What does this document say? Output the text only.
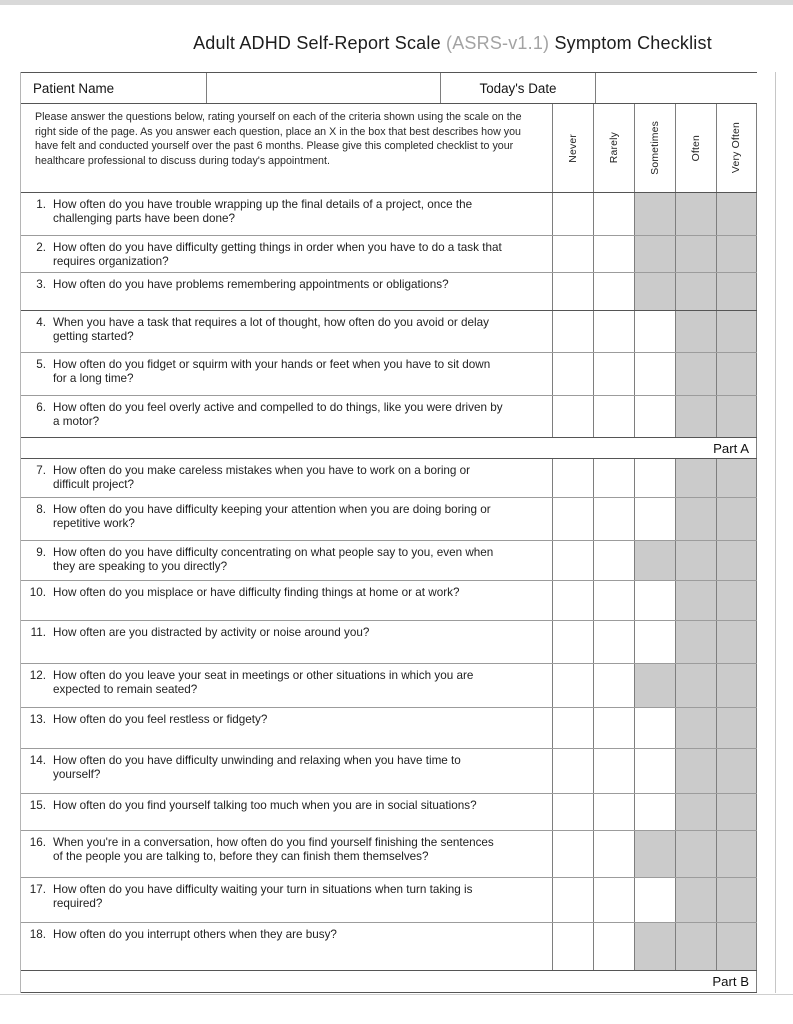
Adult ADHD Self-Report Scale (ASRS-v1.1) Symptom Checklist
Patient Name	Today's Date
Please answer the questions below, rating yourself on each of the criteria shown using the scale on the right side of the page. As you answer each question, place an X in the box that best describes how you have felt and conducted yourself over the past 6 months. Please give this completed checklist to your healthcare professional to discuss during today's appointment.	Never	Rarely	Sometimes	Often	Very Often
1. How often do you have trouble wrapping up the final details of a project, once the challenging parts have been done?
2. How often do you have difficulty getting things in order when you have to do a task that requires organization?
3. How often do you have problems remembering appointments or obligations?
4. When you have a task that requires a lot of thought, how often do you avoid or delay getting started?
5. How often do you fidget or squirm with your hands or feet when you have to sit down for a long time?
6. How often do you feel overly active and compelled to do things, like you were driven by a motor?
Part A
7. How often do you make careless mistakes when you have to work on a boring or difficult project?
8. How often do you have difficulty keeping your attention when you are doing boring or repetitive work?
9. How often do you have difficulty concentrating on what people say to you, even when they are speaking to you directly?
10. How often do you misplace or have difficulty finding things at home or at work?
11. How often are you distracted by activity or noise around you?
12. How often do you leave your seat in meetings or other situations in which you are expected to remain seated?
13. How often do you feel restless or fidgety?
14. How often do you have difficulty unwinding and relaxing when you have time to yourself?
15. How often do you find yourself talking too much when you are in social situations?
16. When you're in a conversation, how often do you find yourself finishing the sentences of the people you are talking to, before they can finish them themselves?
17. How often do you have difficulty waiting your turn in situations when turn taking is required?
18. How often do you interrupt others when they are busy?
Part B
